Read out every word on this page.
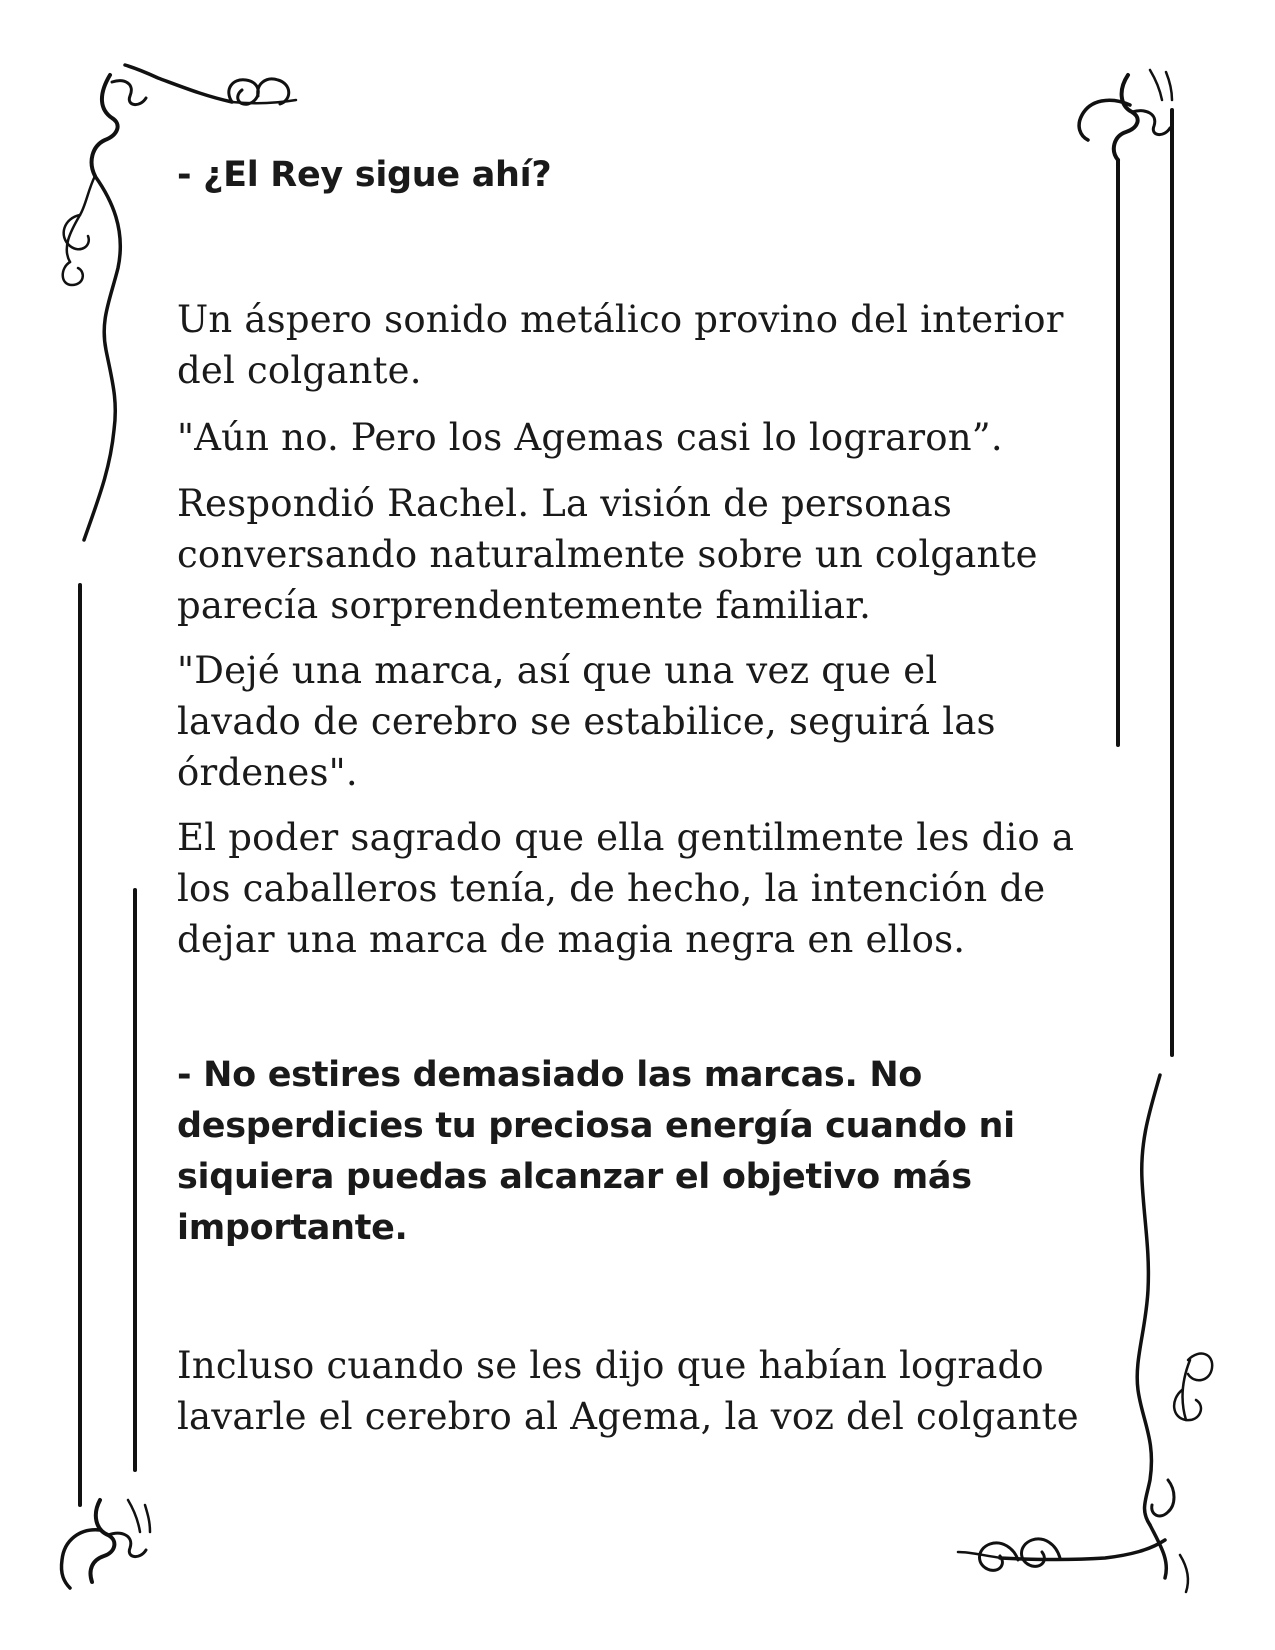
- ¿El Rey sigue ahí?

Un áspero sonido metálico provino del interior
del colgante.

"Aún no. Pero los Agemas casi lo lograron”.

Respondió Rachel. La visión de personas
conversando naturalmente sobre un colgante
parecía sorprendentemente familiar.

"Dejé una marca, así que una vez que el
lavado de cerebro se estabilice, seguirá las
órdenes".

El poder sagrado que ella gentilmente les dio a
los caballeros tenía, de hecho, la intención de
dejar una marca de magia negra en ellos.

- No estires demasiado las marcas. No
desperdicies tu preciosa energía cuando ni
siquiera puedas alcanzar el objetivo más
importante.

Incluso cuando se les dijo que habían logrado
lavarle el cerebro al Agema, la voz del colgante
